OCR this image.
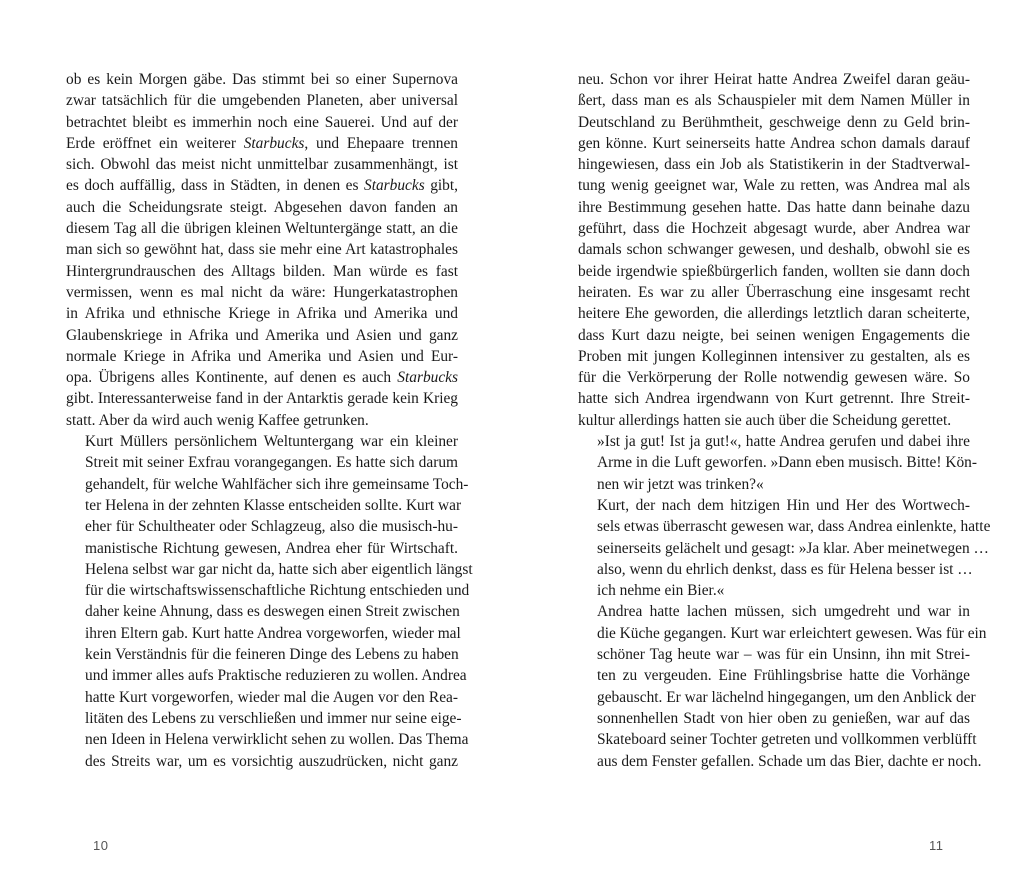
ob es kein Morgen gäbe. Das stimmt bei so einer Supernova
zwar tatsächlich für die umgebenden Planeten, aber universal
betrachtet bleibt es immerhin noch eine Sauerei. Und auf der
Erde eröffnet ein weiterer Starbucks, und Ehepaare trennen
sich. Obwohl das meist nicht unmittelbar zusammenhängt, ist
es doch auffällig, dass in Städten, in denen es Starbucks gibt,
auch die Scheidungsrate steigt. Abgesehen davon fanden an
diesem Tag all die übrigen kleinen Weltuntergänge statt, an die
man sich so gewöhnt hat, dass sie mehr eine Art katastrophales
Hintergrundrauschen des Alltags bilden. Man würde es fast
vermissen, wenn es mal nicht da wäre: Hungerkatastrophen
in Afrika und ethnische Kriege in Afrika und Amerika und
Glaubenskriege in Afrika und Amerika und Asien und ganz
normale Kriege in Afrika und Amerika und Asien und Eur-
opa. Übrigens alles Kontinente, auf denen es auch Starbucks
gibt. Interessanterweise fand in der Antarktis gerade kein Krieg
statt. Aber da wird auch wenig Kaffee getrunken.

Kurt Müllers persönlichem Weltuntergang war ein kleiner
Streit mit seiner Exfrau vorangegangen. Es hatte sich darum
gehandelt, für welche Wahlfächer sich ihre gemeinsame Toch-
ter Helena in der zehnten Klasse entscheiden sollte. Kurt war
eher für Schultheater oder Schlagzeug, also die musisch-hu-
manistische Richtung gewesen, Andrea eher für Wirtschaft.
Helena selbst war gar nicht da, hatte sich aber eigentlich längst
für die wirtschaftswissenschaftliche Richtung entschieden und
daher keine Ahnung, dass es deswegen einen Streit zwischen
ihren Eltern gab. Kurt hatte Andrea vorgeworfen, wieder mal
kein Verständnis für die feineren Dinge des Lebens zu haben
und immer alles aufs Praktische reduzieren zu wollen. Andrea
hatte Kurt vorgeworfen, wieder mal die Augen vor den Rea-
litäten des Lebens zu verschließen und immer nur seine eige-
nen Ideen in Helena verwirklicht sehen zu wollen. Das Thema
des Streits war, um es vorsichtig auszudrücken, nicht ganz

neu. Schon vor ihrer Heirat hatte Andrea Zweifel daran geäu-
ßert, dass man es als Schauspieler mit dem Namen Müller in
Deutschland zu Berühmtheit, geschweige denn zu Geld brin-
gen könne. Kurt seinerseits hatte Andrea schon damals darauf
hingewiesen, dass ein Job als Statistikerin in der Stadtverwal-
tung wenig geeignet war, Wale zu retten, was Andrea mal als
ihre Bestimmung gesehen hatte. Das hatte dann beinahe dazu
geführt, dass die Hochzeit abgesagt wurde, aber Andrea war
damals schon schwanger gewesen, und deshalb, obwohl sie es
beide irgendwie spießbürgerlich fanden, wollten sie dann doch
heiraten. Es war zu aller Überraschung eine insgesamt recht
heitere Ehe geworden, die allerdings letztlich daran scheiterte,
dass Kurt dazu neigte, bei seinen wenigen Engagements die
Proben mit jungen Kolleginnen intensiver zu gestalten, als es
für die Verkörperung der Rolle notwendig gewesen wäre. So
hatte sich Andrea irgendwann von Kurt getrennt. Ihre Streit-
kultur allerdings hatten sie auch über die Scheidung gerettet.

»Ist ja gut! Ist ja gut!«, hatte Andrea gerufen und dabei ihre
Arme in die Luft geworfen. »Dann eben musisch. Bitte! Kön-
nen wir jetzt was trinken?«

Kurt, der nach dem hitzigen Hin und Her des Wortwech-
sels etwas überrascht gewesen war, dass Andrea einlenkte, hatte
seinerseits gelächelt und gesagt: »Ja klar. Aber meinetwegen …
also, wenn du ehrlich denkst, dass es für Helena besser ist …
ich nehme ein Bier.«

Andrea hatte lachen müssen, sich umgedreht und war in
die Küche gegangen. Kurt war erleichtert gewesen. Was für ein
schöner Tag heute war – was für ein Unsinn, ihn mit Strei-
ten zu vergeuden. Eine Frühlingsbrise hatte die Vorhänge
gebauscht. Er war lächelnd hingegangen, um den Anblick der
sonnenhellen Stadt von hier oben zu genießen, war auf das
Skateboard seiner Tochter getreten und vollkommen verblüfft
aus dem Fenster gefallen. Schade um das Bier, dachte er noch.

10	11
